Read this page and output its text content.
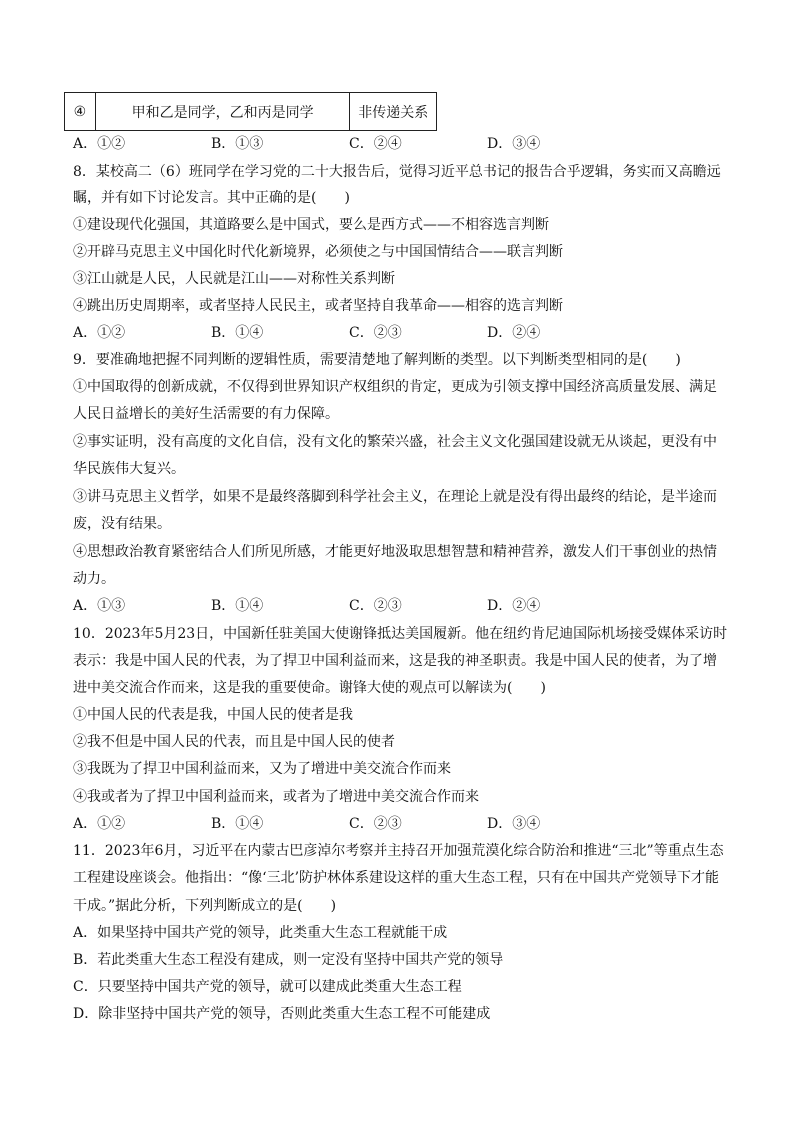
④	甲和乙是同学，乙和丙是同学	非传递关系
A．①②	B．①③	C．②④	D．③④
8．某校高二（6）班同学在学习党的二十大报告后，觉得习近平总书记的报告合乎逻辑，务实而又高瞻远
瞩，并有如下讨论发言。其中正确的是(　　)
①建设现代化强国，其道路要么是中国式，要么是西方式——不相容选言判断
②开辟马克思主义中国化时代化新境界，必须使之与中国国情结合——联言判断
③江山就是人民，人民就是江山——对称性关系判断
④跳出历史周期率，或者坚持人民民主，或者坚持自我革命——相容的选言判断
A．①②	B．①④	C．②③	D．②④
9．要准确地把握不同判断的逻辑性质，需要清楚地了解判断的类型。以下判断类型相同的是(　　)
①中国取得的创新成就，不仅得到世界知识产权组织的肯定，更成为引领支撑中国经济高质量发展、满足
人民日益增长的美好生活需要的有力保障。
②事实证明，没有高度的文化自信，没有文化的繁荣兴盛，社会主义文化强国建设就无从谈起，更没有中
华民族伟大复兴。
③讲马克思主义哲学，如果不是最终落脚到科学社会主义，在理论上就是没有得出最终的结论，是半途而
废，没有结果。
④思想政治教育紧密结合人们所见所感，才能更好地汲取思想智慧和精神营养，激发人们干事创业的热情
动力。
A．①③	B．①④	C．②③	D．②④
10．2023年5月23日，中国新任驻美国大使谢锋抵达美国履新。他在纽约肯尼迪国际机场接受媒体采访时
表示：我是中国人民的代表，为了捍卫中国利益而来，这是我的神圣职责。我是中国人民的使者，为了增
进中美交流合作而来，这是我的重要使命。谢锋大使的观点可以解读为(　　)
①中国人民的代表是我，中国人民的使者是我
②我不但是中国人民的代表，而且是中国人民的使者
③我既为了捍卫中国利益而来，又为了增进中美交流合作而来
④我或者为了捍卫中国利益而来，或者为了增进中美交流合作而来
A．①②	B．①④	C．②③	D．③④
11．2023年6月，习近平在内蒙古巴彦淖尔考察并主持召开加强荒漠化综合防治和推进“三北”等重点生态
工程建设座谈会。他指出：“像‘三北’防护林体系建设这样的重大生态工程，只有在中国共产党领导下才能
干成。”据此分析，下列判断成立的是(　　)
A．如果坚持中国共产党的领导，此类重大生态工程就能干成
B．若此类重大生态工程没有建成，则一定没有坚持中国共产党的领导
C．只要坚持中国共产党的领导，就可以建成此类重大生态工程
D．除非坚持中国共产党的领导，否则此类重大生态工程不可能建成
